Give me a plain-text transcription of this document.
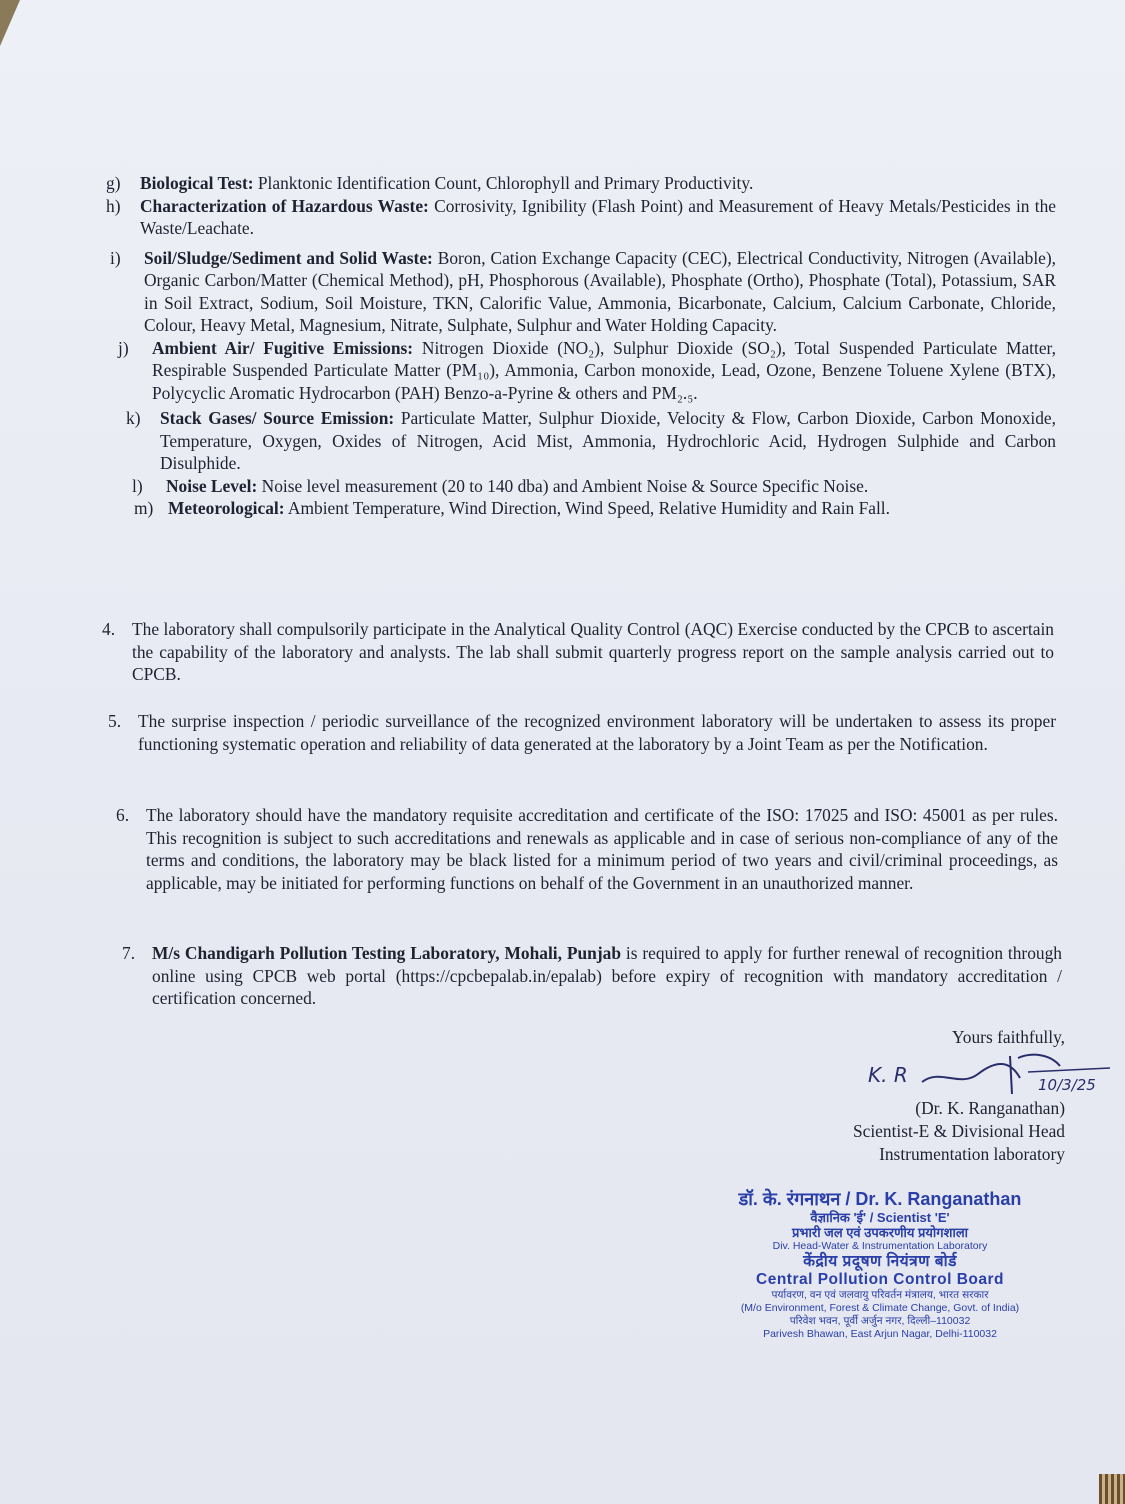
g)	Biological Test: Planktonic Identification Count, Chlorophyll and Primary Productivity.
h)	Characterization of Hazardous Waste: Corrosivity, Ignibility (Flash Point) and Measurement of Heavy Metals/Pesticides in the Waste/Leachate.
i)	Soil/Sludge/Sediment and Solid Waste: Boron, Cation Exchange Capacity (CEC), Electrical Conductivity, Nitrogen (Available), Organic Carbon/Matter (Chemical Method), pH, Phosphorous (Available), Phosphate (Ortho), Phosphate (Total), Potassium, SAR in Soil Extract, Sodium, Soil Moisture, TKN, Calorific Value, Ammonia, Bicarbonate, Calcium, Calcium Carbonate, Chloride, Colour, Heavy Metal, Magnesium, Nitrate, Sulphate, Sulphur and Water Holding Capacity.
j)	Ambient Air/ Fugitive Emissions: Nitrogen Dioxide (NO₂), Sulphur Dioxide (SO₂), Total Suspended Particulate Matter, Respirable Suspended Particulate Matter (PM₁₀), Ammonia, Carbon monoxide, Lead, Ozone, Benzene Toluene Xylene (BTX), Polycyclic Aromatic Hydrocarbon (PAH) Benzo-a-Pyrine & others and PM₂.₅.
k)	Stack Gases/ Source Emission: Particulate Matter, Sulphur Dioxide, Velocity & Flow, Carbon Dioxide, Carbon Monoxide, Temperature, Oxygen, Oxides of Nitrogen, Acid Mist, Ammonia, Hydrochloric Acid, Hydrogen Sulphide and Carbon Disulphide.
l)	Noise Level: Noise level measurement (20 to 140 dba) and Ambient Noise & Source Specific Noise.
m) Meteorological: Ambient Temperature, Wind Direction, Wind Speed, Relative Humidity and Rain Fall.
4. The laboratory shall compulsorily participate in the Analytical Quality Control (AQC) Exercise conducted by the CPCB to ascertain the capability of the laboratory and analysts. The lab shall submit quarterly progress report on the sample analysis carried out to CPCB.
5. The surprise inspection / periodic surveillance of the recognized environment laboratory will be undertaken to assess its proper functioning systematic operation and reliability of data generated at the laboratory by a Joint Team as per the Notification.
6. The laboratory should have the mandatory requisite accreditation and certificate of the ISO: 17025 and ISO: 45001 as per rules. This recognition is subject to such accreditations and renewals as applicable and in case of serious non-compliance of any of the terms and conditions, the laboratory may be black listed for a minimum period of two years and civil/criminal proceedings, as applicable, may be initiated for performing functions on behalf of the Government in an unauthorized manner.
7. M/s Chandigarh Pollution Testing Laboratory, Mohali, Punjab is required to apply for further renewal of recognition through online using CPCB web portal (https://cpcbepalab.in/epalab) before expiry of recognition with mandatory accreditation / certification concerned.
Yours faithfully,
(Dr. K. Ranganathan)
Scientist-E & Divisional Head
Instrumentation laboratory
K. R	10/3/25
डॉ. के. रंगनाथन / Dr. K. Ranganathan
वैज्ञानिक 'ई' / Scientist 'E'
प्रभारी जल एवं उपकरणीय प्रयोगशाला
Div. Head-Water & Instrumentation Laboratory
केंद्रीय प्रदूषण नियंत्रण बोर्ड
Central Pollution Control Board
पर्यावरण, वन एवं जलवायु परिवर्तन मंत्रालय, भारत सरकार
(M/o Environment, Forest & Climate Change, Govt. of India)
परिवेश भवन, पूर्वी अर्जुन नगर, दिल्ली–110032
Parivesh Bhawan, East Arjun Nagar, Delhi-110032
